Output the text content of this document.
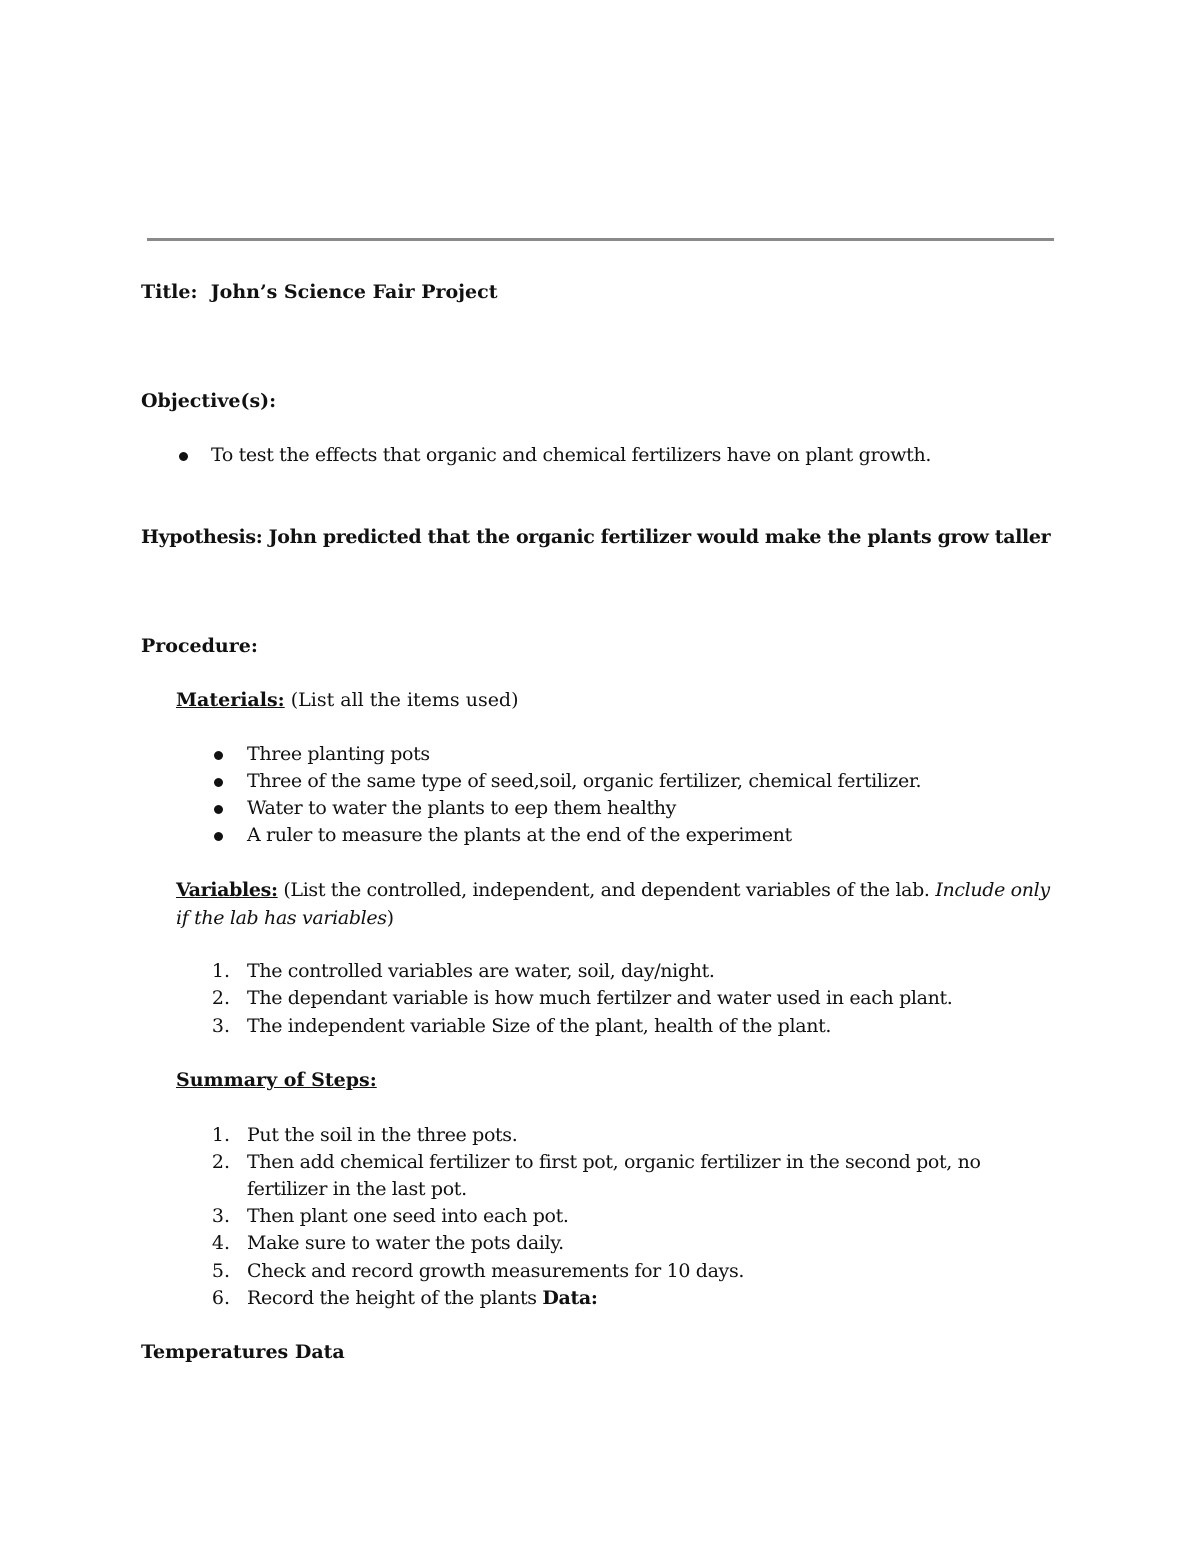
Title: John’s Science Fair Project
Objective(s):
To test the effects that organic and chemical fertilizers have on plant growth.
Hypothesis: John predicted that the organic fertilizer would make the plants grow taller
Procedure:
Materials: (List all the items used)
Three planting pots
Three of the same type of seed,soil, organic fertilizer, chemical fertilizer.
Water to water the plants to eep them healthy
A ruler to measure the plants at the end of the experiment
Variables: (List the controlled, independent, and dependent variables of the lab. Include only
if the lab has variables)
1. The controlled variables are water, soil, day/night.
2. The dependant variable is how much fertilzer and water used in each plant.
3. The independent variable Size of the plant, health of the plant.
Summary of Steps:
1. Put the soil in the three pots.
2. Then add chemical fertilizer to first pot, organic fertilizer in the second pot, no
fertilizer in the last pot.
3. Then plant one seed into each pot.
4. Make sure to water the pots daily.
5. Check and record growth measurements for 10 days.
6. Record the height of the plants Data:
Temperatures Data
